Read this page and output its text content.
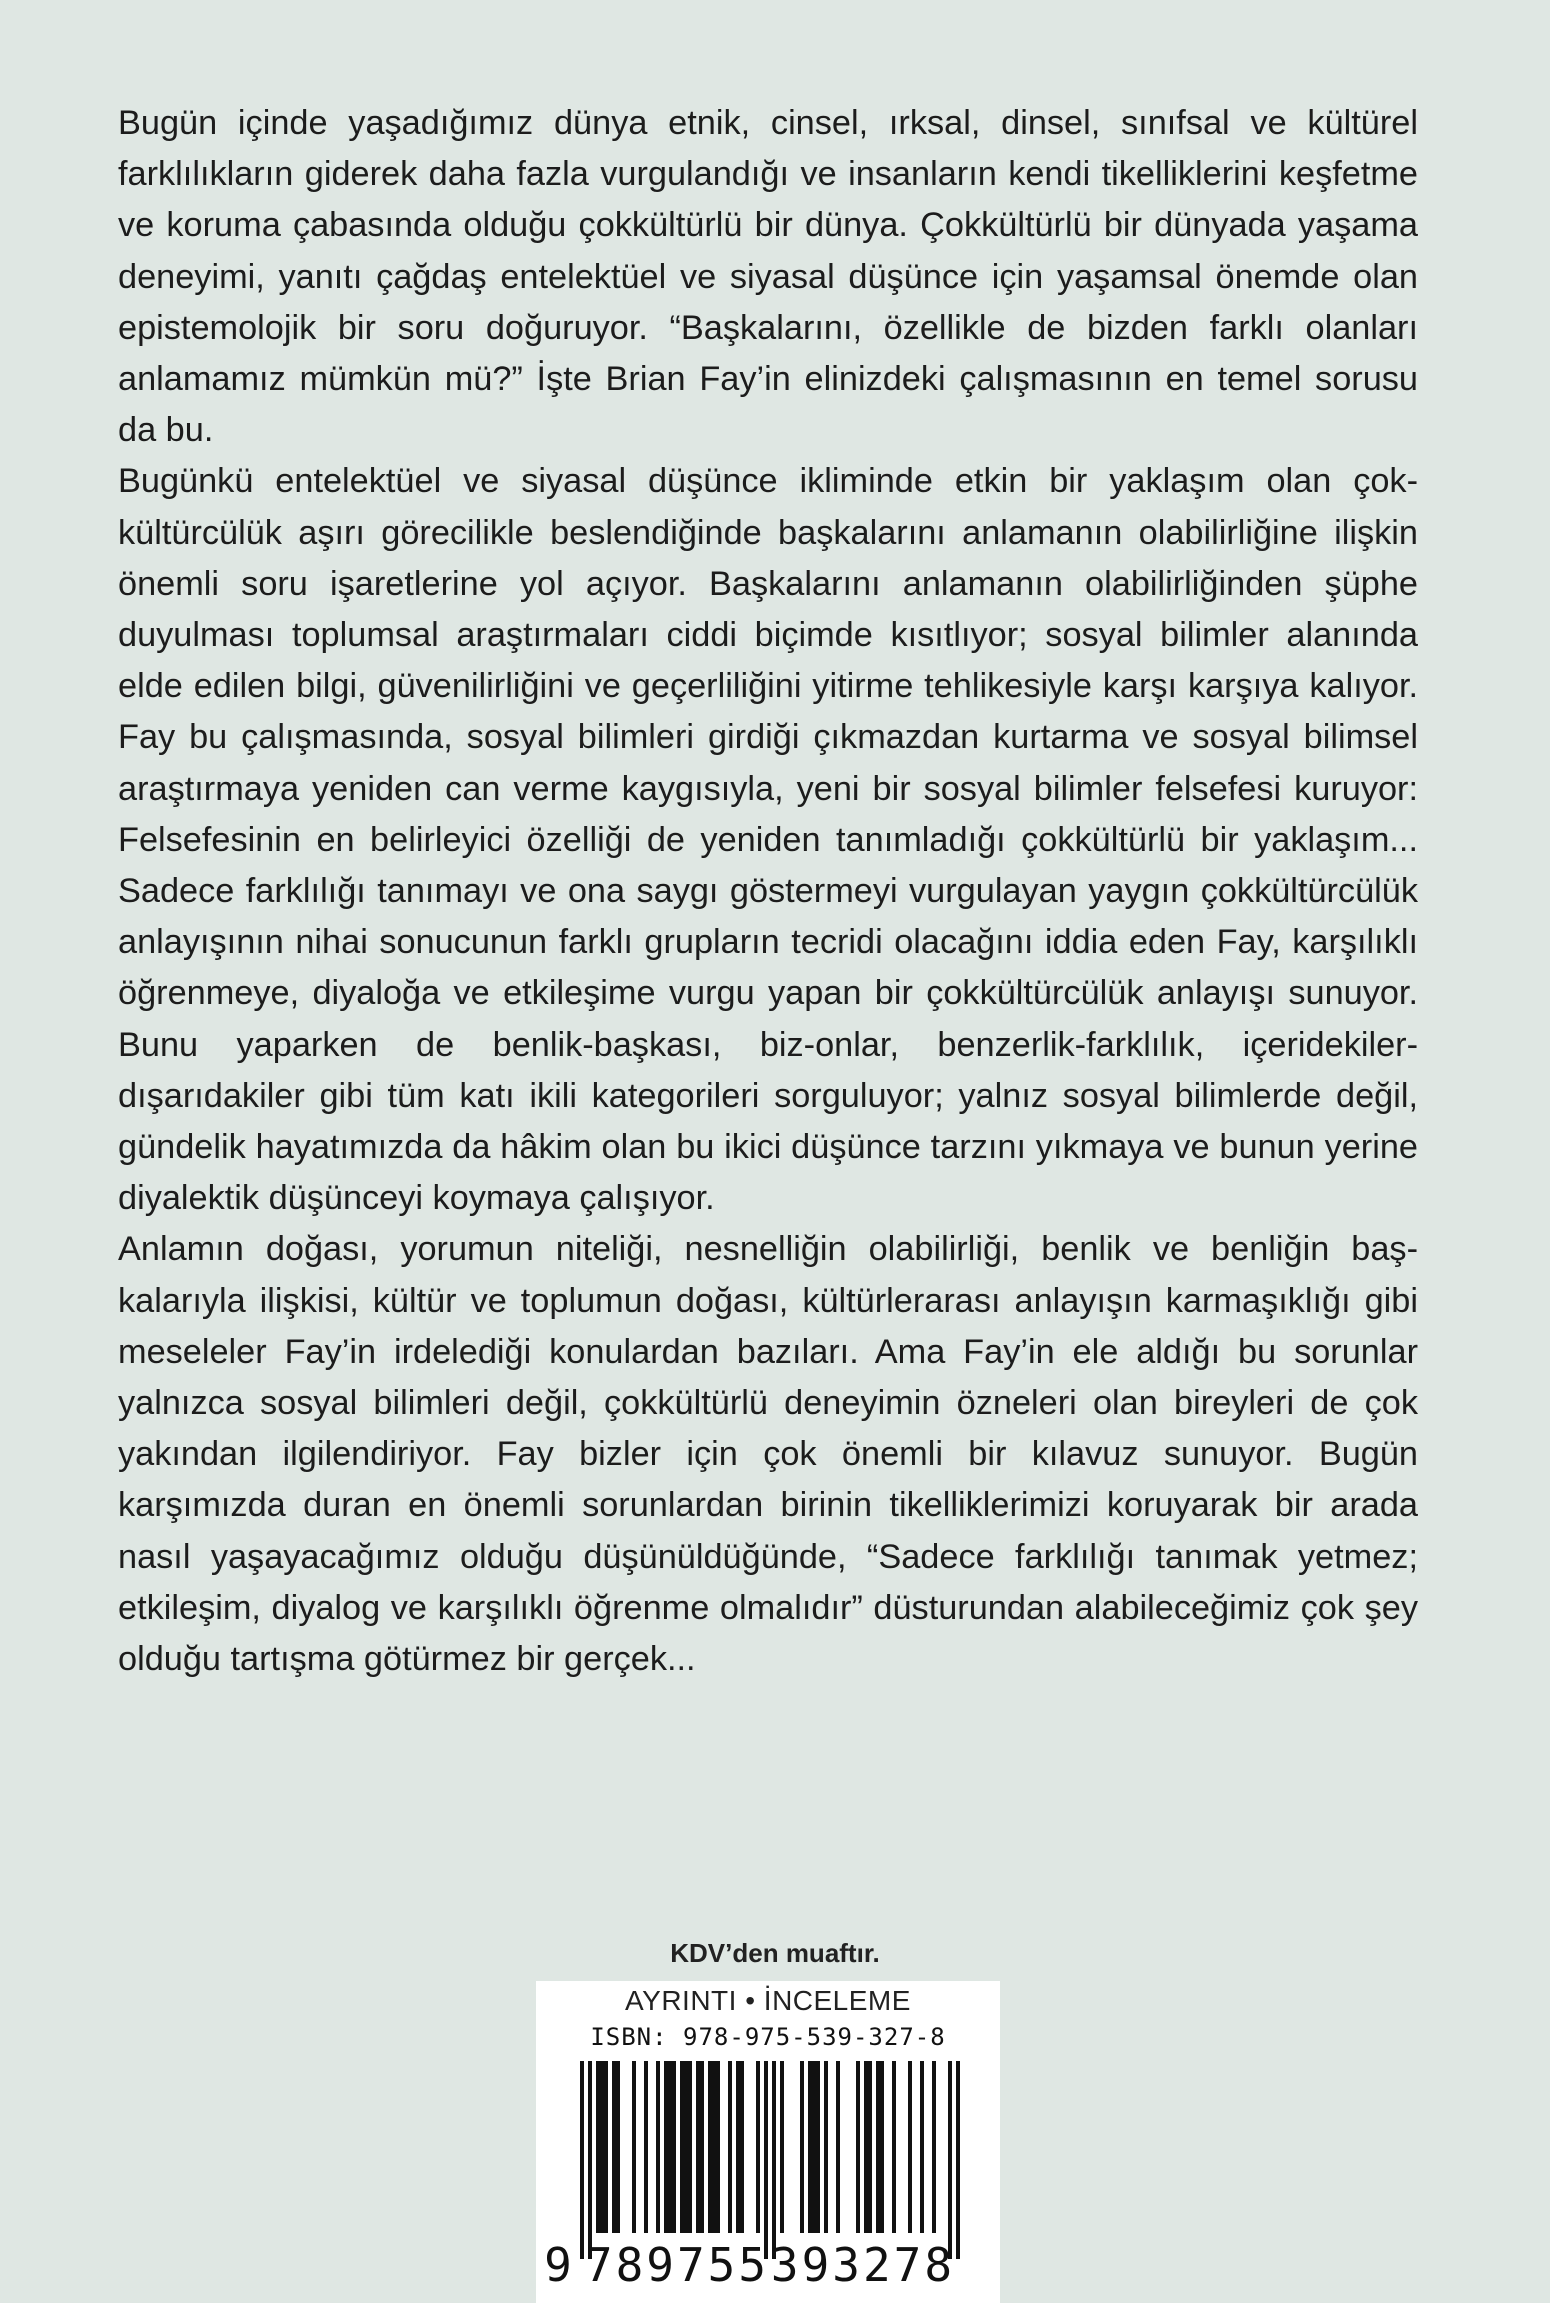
Bugün içinde yaşadığımız dünya etnik, cinsel, ırksal, dinsel, sınıfsal ve kültürel farklılıkların giderek daha fazla vurgulandığı ve insanların kendi tikelliklerini keşfetme ve koruma çabasında olduğu çokkültürlü bir dünya. Çokkültürlü bir dünyada yaşama deneyimi, yanıtı çağdaş entelektüel ve siyasal düşünce için yaşamsal önemde olan epistemolojik bir soru doğuruyor. “Başkalarını, özellikle de bizden farklı olanları anlamamız mümkün mü?” İşte Brian Fay’in elinizdeki çalışmasının en temel sorusu da bu.

Bugünkü entelektüel ve siyasal düşünce ikliminde etkin bir yaklaşım olan çokkültürcülük aşırı görecilikle beslendiğinde başkalarını anlamanın olabilirliğine ilişkin önemli soru işaretlerine yol açıyor. Başkalarını anlamanın olabilirliğinden şüphe duyulması toplumsal araştırmaları ciddi biçimde kısıtlıyor; sosyal bilimler alanında elde edilen bilgi, güvenilirliğini ve geçerliliğini yitirme tehlikesiyle karşı karşıya kalıyor. Fay bu çalışmasında, sosyal bilimleri girdiği çıkmazdan kurtarma ve sosyal bilimsel araştırmaya yeniden can verme kaygısıyla, yeni bir sosyal bilimler felsefesi kuruyor: Felsefesinin en belirleyici özelliği de yeniden tanımladığı çokkültürlü bir yaklaşım... Sadece farklılığı tanımayı ve ona saygı göstermeyi vurgulayan yaygın çokkültürcülük anlayışının nihai sonucunun farklı grupların tecridi olacağını iddia eden Fay, karşılıklı öğrenmeye, diyaloğa ve etkileşime vurgu yapan bir çokkültürcülük anlayışı sunuyor. Bunu yaparken de benlik-başkası, biz-onlar, benzerlik-farklılık, içeridekiler-dışarıdakiler gibi tüm katı ikili kategorileri sorguluyor; yalnız sosyal bilimlerde değil, gündelik hayatımızda da hâkim olan bu ikici düşünce tarzını yıkmaya ve bunun yerine diyalektik düşünceyi koymaya çalışıyor.

Anlamın doğası, yorumun niteliği, nesnelliğin olabilirliği, benlik ve benliğin başkalarıyla ilişkisi, kültür ve toplumun doğası, kültürlerarası anlayışın karmaşıklığı gibi meseleler Fay’in irdelediği konulardan bazıları. Ama Fay’in ele aldığı bu sorunlar yalnızca sosyal bilimleri değil, çokkültürlü deneyimin özneleri olan bireyleri de çok yakından ilgilendiriyor. Fay bizler için çok önemli bir kılavuz sunuyor. Bugün karşımızda duran en önemli sorunlardan birinin tikelliklerimizi koruyarak bir arada nasıl yaşayacağımız olduğu düşünüldüğünde, “Sadece farklılığı tanımak yetmez; etkileşim, diyalog ve karşılıklı öğrenme olmalıdır” düsturundan alabileceğimiz çok şey olduğu tartışma götürmez bir gerçek...

KDV’den muaftır.
AYRINTI • İNCELEME
ISBN: 978-975-539-327-8
9 789755 393278
